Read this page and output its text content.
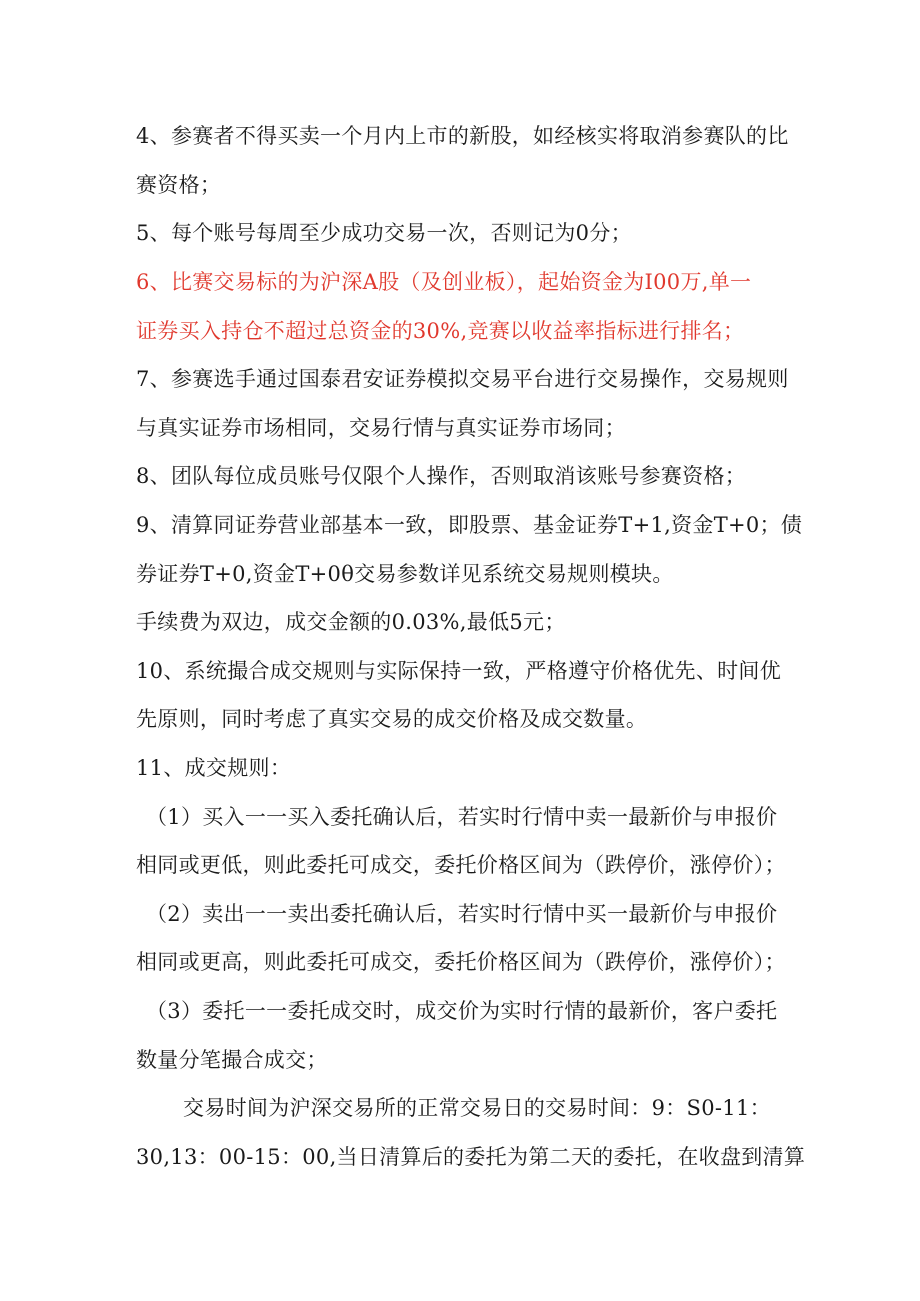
4、参赛者不得买卖一个月内上市的新股，如经核实将取消参赛队的比
赛资格；
5、每个账号每周至少成功交易一次，否则记为0分；
6、比赛交易标的为沪深A股（及创业板），起始资金为I00万,单一
证券买入持仓不超过总资金的30%,竞赛以收益率指标进行排名；
7、参赛选手通过国泰君安证券模拟交易平台进行交易操作，交易规则
与真实证券市场相同，交易行情与真实证券市场同；
8、团队每位成员账号仅限个人操作，否则取消该账号参赛资格；
9、清算同证券营业部基本一致，即股票、基金证券T+1,资金T+0；债
券证券T+0,资金T+0θ交易参数详见系统交易规则模块。
手续费为双边，成交金额的0.03%,最低5元；
10、系统撮合成交规则与实际保持一致，严格遵守价格优先、时间优
先原则，同时考虑了真实交易的成交价格及成交数量。
11、成交规则：
（1）买入一一买入委托确认后，若实时行情中卖一最新价与申报价
相同或更低，则此委托可成交，委托价格区间为（跌停价，涨停价）；
（2）卖出一一卖出委托确认后，若实时行情中买一最新价与申报价
相同或更高，则此委托可成交，委托价格区间为（跌停价，涨停价）；
（3）委托一一委托成交时，成交价为实时行情的最新价，客户委托
数量分笔撮合成交；
交易时间为沪深交易所的正常交易日的交易时间：9：S0-11：
30,13：00-15：00,当日清算后的委托为第二天的委托，在收盘到清算
